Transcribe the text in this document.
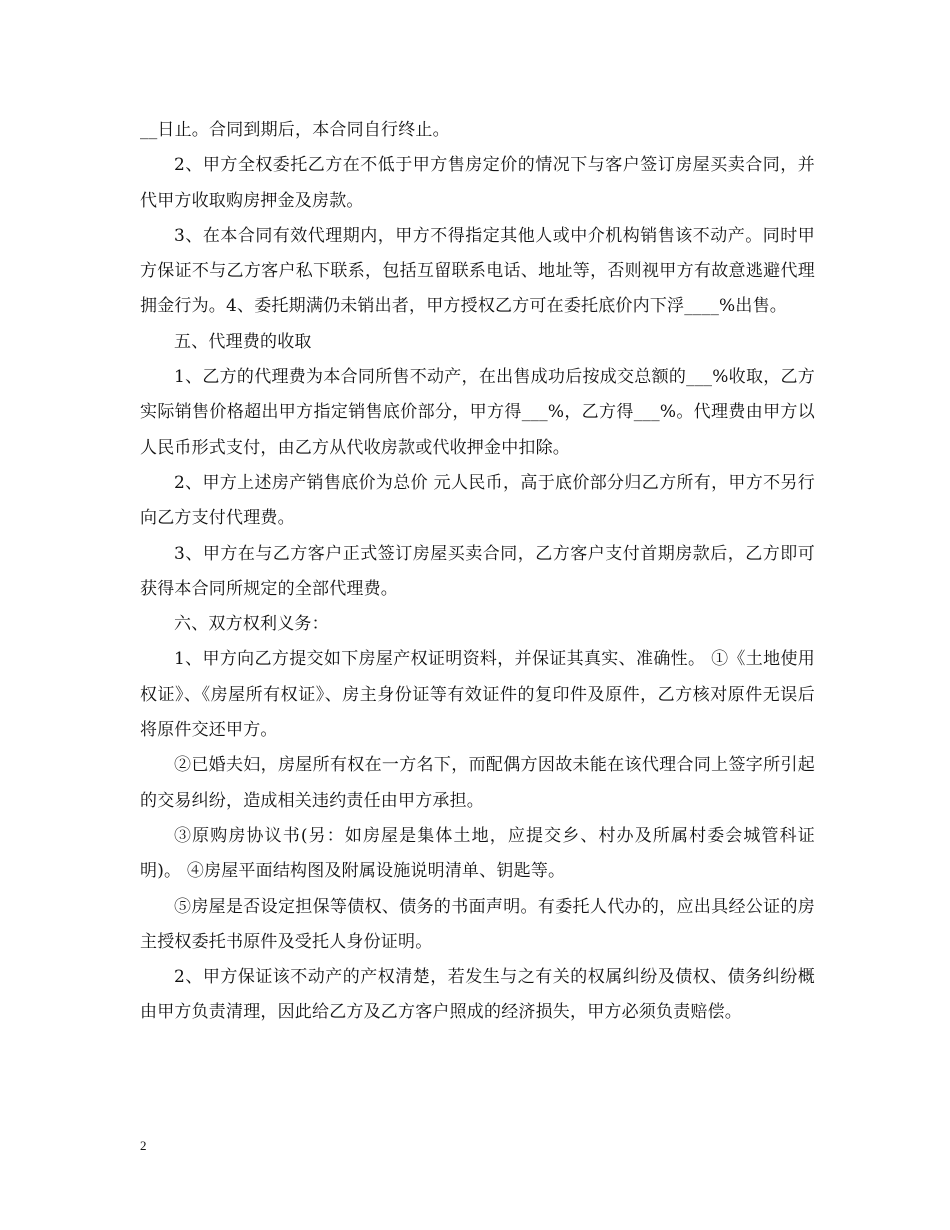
__日止。合同到期后，本合同自行终止。

2、甲方全权委托乙方在不低于甲方售房定价的情况下与客户签订房屋买卖合同，并代甲方收取购房押金及房款。

3、在本合同有效代理期内，甲方不得指定其他人或中介机构销售该不动产。同时甲方保证不与乙方客户私下联系，包括互留联系电话、地址等，否则视甲方有故意逃避代理拥金行为。4、委托期满仍未销出者，甲方授权乙方可在委托底价内下浮____%出售。

五、代理费的收取

1、乙方的代理费为本合同所售不动产，在出售成功后按成交总额的___%收取，乙方实际销售价格超出甲方指定销售底价部分，甲方得___%，乙方得___%。代理费由甲方以人民币形式支付，由乙方从代收房款或代收押金中扣除。

2、甲方上述房产销售底价为总价 元人民币，高于底价部分归乙方所有，甲方不另行向乙方支付代理费。

3、甲方在与乙方客户正式签订房屋买卖合同，乙方客户支付首期房款后，乙方即可获得本合同所规定的全部代理费。

六、双方权利义务：

1、甲方向乙方提交如下房屋产权证明资料，并保证其真实、准确性。 ①《土地使用权证》、《房屋所有权证》、房主身份证等有效证件的复印件及原件，乙方核对原件无误后将原件交还甲方。

②已婚夫妇，房屋所有权在一方名下，而配偶方因故未能在该代理合同上签字所引起的交易纠纷，造成相关违约责任由甲方承担。

③原购房协议书(另：如房屋是集体土地，应提交乡、村办及所属村委会城管科证明)。 ④房屋平面结构图及附属设施说明清单、钥匙等。

⑤房屋是否设定担保等债权、债务的书面声明。有委托人代办的，应出具经公证的房主授权委托书原件及受托人身份证明。

2、甲方保证该不动产的产权清楚，若发生与之有关的权属纠纷及债权、债务纠纷概由甲方负责清理，因此给乙方及乙方客户照成的经济损失，甲方必须负责赔偿。

2
